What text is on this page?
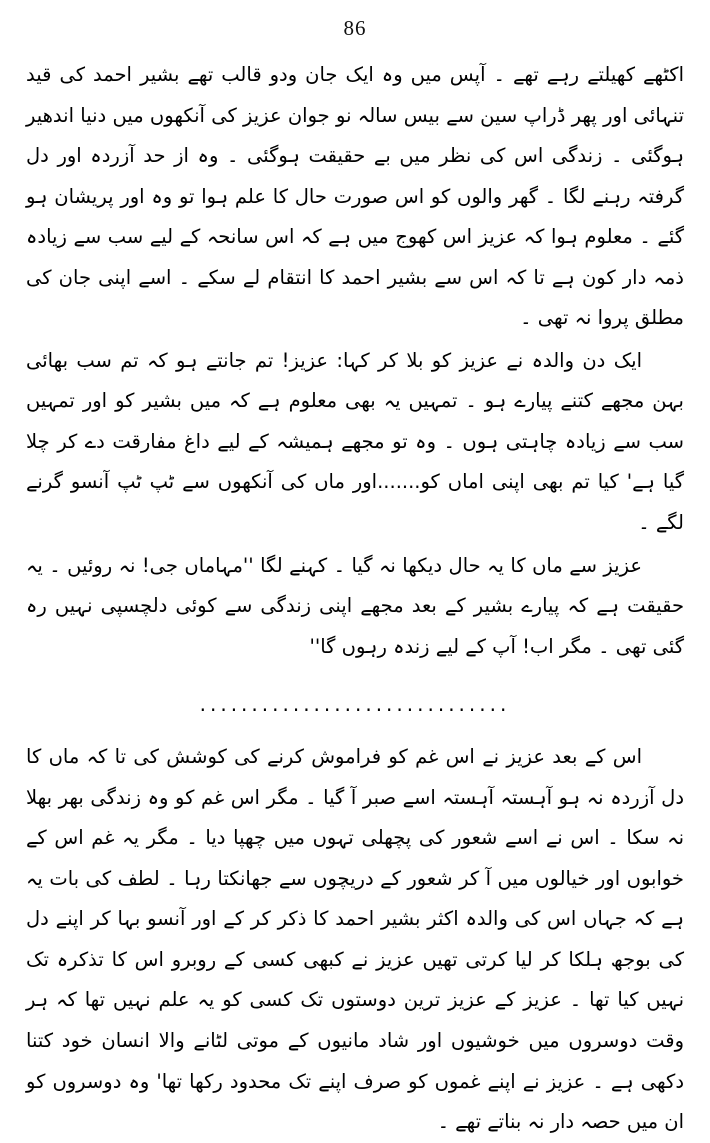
86

اکٹھے کھیلتے رہے تھے ۔ آپس میں وہ ایک جان ودو قالب تھے بشیر احمد کی قید تنہائی اور پھر ڈراپ سین سے بیس سالہ نو جوان عزیز کی آنکھوں میں دنیا اندھیر ہوگئی ۔ زندگی اس کی نظر میں بے حقیقت ہوگئی ۔ وہ از حد آزردہ اور دل گرفتہ رہنے لگا ۔ گھر والوں کو اس صورت حال کا علم ہوا تو وہ اور پریشان ہو گئے ۔ معلوم ہوا کہ عزیز اس کھوج میں ہے کہ اس سانحہ کے لیے سب سے زیادہ ذمہ دار کون ہے تا کہ اس سے بشیر احمد کا انتقام لے سکے ۔ اسے اپنی جان کی مطلق پروا نہ تھی ۔

ایک دن والدہ نے عزیز کو بلا کر کہا: عزیز! تم جانتے ہو کہ تم سب بھائی بہن مجھے کتنے پیارے ہو ۔ تمہیں یہ بھی معلوم ہے کہ میں بشیر کو اور تمہیں سب سے زیادہ چاہتی ہوں ۔ وہ تو مجھے ہمیشہ کے لیے داغ مفارقت دے کر چلا گیا ہے' کیا تم بھی اپنی اماں کو.......اور ماں کی آنکھوں سے ٹپ ٹپ آنسو گرنے لگے ۔

عزیز سے ماں کا یہ حال دیکھا نہ گیا ۔ کہنے لگا ''مہاماں جی! نہ روئیں ۔ یہ حقیقت ہے کہ پیارے بشیر کے بعد مجھے اپنی زندگی سے کوئی دلچسپی نہیں رہ گئی تھی ۔ مگر اب! آپ کے لیے زندہ رہوں گا''

..............................

اس کے بعد عزیز نے اس غم کو فراموش کرنے کی کوشش کی تا کہ ماں کا دل آزردہ نہ ہو آہستہ آہستہ اسے صبر آ گیا ۔ مگر اس غم کو وہ زندگی بھر بھلا نہ سکا ۔ اس نے اسے شعور کی پچھلی تہوں میں چھپا دیا ۔ مگر یہ غم اس کے خوابوں اور خیالوں میں آ کر شعور کے دریچوں سے جھانکتا رہا ۔ لطف کی بات یہ ہے کہ جہاں اس کی والدہ اکثر بشیر احمد کا ذکر کر کے اور آنسو بہا کر اپنے دل کی بوجھ ہلکا کر لیا کرتی تھیں عزیز نے کبھی کسی کے روبرو اس کا تذکرہ تک نہیں کیا تھا ۔ عزیز کے عزیز ترین دوستوں تک کسی کو یہ علم نہیں تھا کہ ہر وقت دوسروں میں خوشیوں اور شاد مانیوں کے موتی لٹانے والا انسان خود کتنا دکھی ہے ۔ عزیز نے اپنے غموں کو صرف اپنے تک محدود رکھا تھا' وہ دوسروں کو ان میں حصہ دار نہ بناتے تھے ۔
